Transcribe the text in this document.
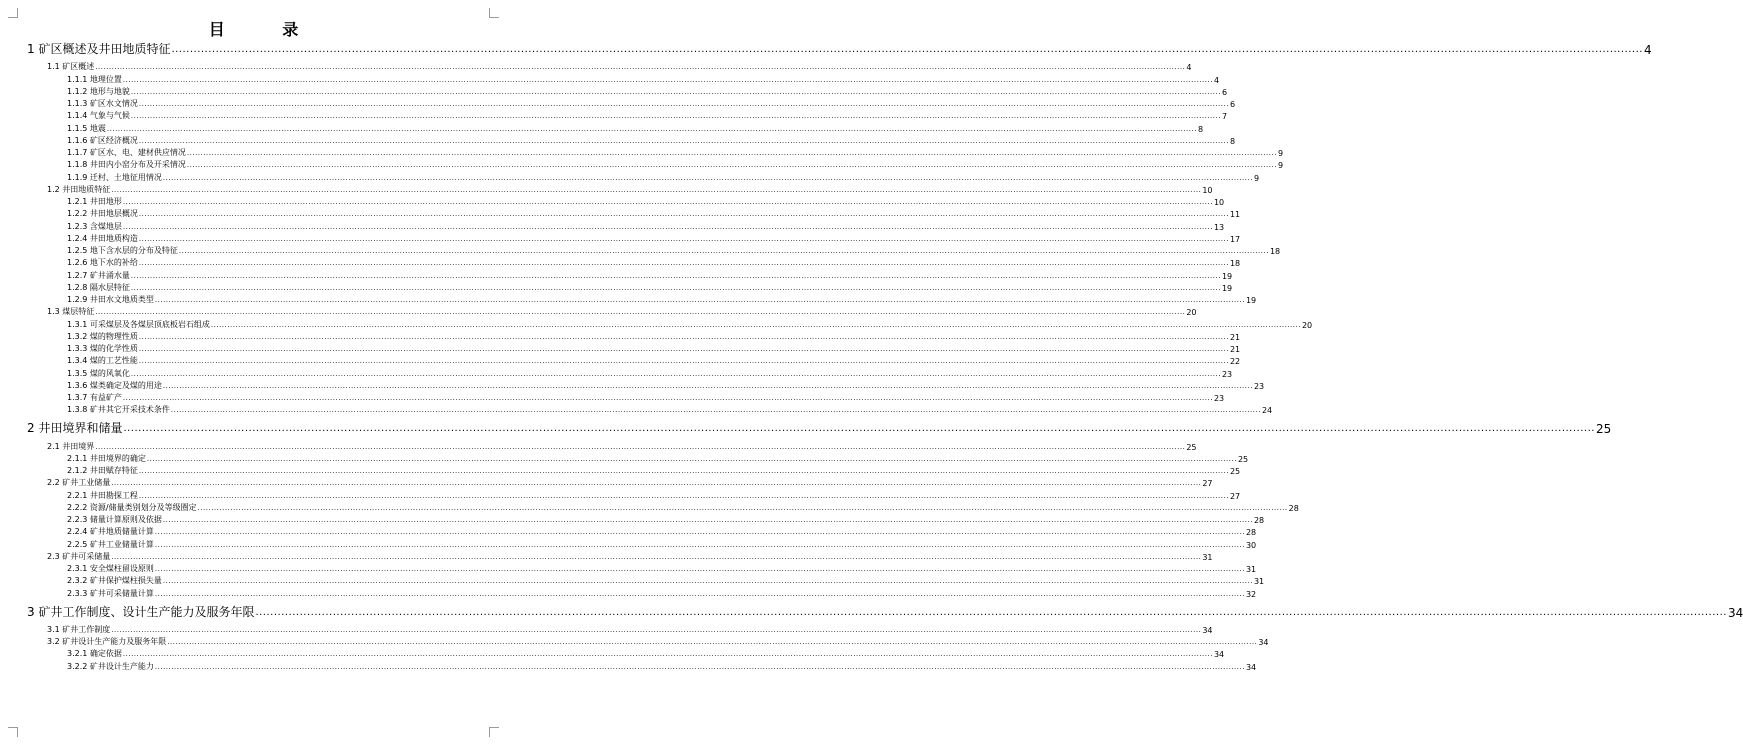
目 录
1 矿区概述及井田地质特征 ................................................................................................................................................................................................................................................................................................................................................................................................................ 4
1.1 矿区概述 ................................................................................................................................................................................................................................................................................................................................................................................................................ 4
1.1.1 地理位置 ................................................................................................................................................................................................................................................................................................................................................................................................................ 4
1.1.2 地形与地貌 ................................................................................................................................................................................................................................................................................................................................................................................................................ 6
1.1.3 矿区水文情况 ................................................................................................................................................................................................................................................................................................................................................................................................................ 6
1.1.4 气象与气候 ................................................................................................................................................................................................................................................................................................................................................................................................................ 7
1.1.5 地震 ................................................................................................................................................................................................................................................................................................................................................................................................................ 8
1.1.6 矿区经济概况 ................................................................................................................................................................................................................................................................................................................................................................................................................ 8
1.1.7 矿区水、电、建材供应情况 ................................................................................................................................................................................................................................................................................................................................................................................................................ 9
1.1.8 井田内小窑分布及开采情况 ................................................................................................................................................................................................................................................................................................................................................................................................................ 9
1.1.9 迁村、土地征用情况 ................................................................................................................................................................................................................................................................................................................................................................................................................ 9
1.2 井田地质特征 ................................................................................................................................................................................................................................................................................................................................................................................................................ 10
1.2.1 井田地形 ................................................................................................................................................................................................................................................................................................................................................................................................................ 10
1.2.2 井田地层概况 ................................................................................................................................................................................................................................................................................................................................................................................................................ 11
1.2.3 含煤地层 ................................................................................................................................................................................................................................................................................................................................................................................................................ 13
1.2.4 井田地质构造 ................................................................................................................................................................................................................................................................................................................................................................................................................ 17
1.2.5 地下含水层的分布及特征 ................................................................................................................................................................................................................................................................................................................................................................................................................ 18
1.2.6 地下水的补给 ................................................................................................................................................................................................................................................................................................................................................................................................................ 18
1.2.7 矿井涌水量 ................................................................................................................................................................................................................................................................................................................................................................................................................ 19
1.2.8 隔水层特征 ................................................................................................................................................................................................................................................................................................................................................................................................................ 19
1.2.9 井田水文地质类型 ................................................................................................................................................................................................................................................................................................................................................................................................................ 19
1.3 煤层特征 ................................................................................................................................................................................................................................................................................................................................................................................................................ 20
1.3.1 可采煤层及各煤层顶底板岩石组成 ................................................................................................................................................................................................................................................................................................................................................................................................................ 20
1.3.2 煤的物理性质 ................................................................................................................................................................................................................................................................................................................................................................................................................ 21
1.3.3 煤的化学性质 ................................................................................................................................................................................................................................................................................................................................................................................................................ 21
1.3.4 煤的工艺性能 ................................................................................................................................................................................................................................................................................................................................................................................................................ 22
1.3.5 煤的风氧化 ................................................................................................................................................................................................................................................................................................................................................................................................................ 23
1.3.6 煤类确定及煤的用途 ................................................................................................................................................................................................................................................................................................................................................................................................................ 23
1.3.7 有益矿产 ................................................................................................................................................................................................................................................................................................................................................................................................................ 23
1.3.8 矿井其它开采技术条件 ................................................................................................................................................................................................................................................................................................................................................................................................................ 24
2 井田境界和储量 ................................................................................................................................................................................................................................................................................................................................................................................................................ 25
2.1 井田境界 ................................................................................................................................................................................................................................................................................................................................................................................................................ 25
2.1.1 井田境界的确定 ................................................................................................................................................................................................................................................................................................................................................................................................................ 25
2.1.2 井田赋存特征 ................................................................................................................................................................................................................................................................................................................................................................................................................ 25
2.2 矿井工业储量 ................................................................................................................................................................................................................................................................................................................................................................................................................ 27
2.2.1 井田勘探工程 ................................................................................................................................................................................................................................................................................................................................................................................................................ 27
2.2.2 资源/储量类别划分及等级圈定 ................................................................................................................................................................................................................................................................................................................................................................................................................ 28
2.2.3 储量计算原则及依据 ................................................................................................................................................................................................................................................................................................................................................................................................................ 28
2.2.4 矿井地质储量计算 ................................................................................................................................................................................................................................................................................................................................................................................................................ 28
2.2.5 矿井工业储量计算 ................................................................................................................................................................................................................................................................................................................................................................................................................ 30
2.3 矿井可采储量 ................................................................................................................................................................................................................................................................................................................................................................................................................ 31
2.3.1 安全煤柱留设原则 ................................................................................................................................................................................................................................................................................................................................................................................................................ 31
2.3.2 矿井保护煤柱损失量 ................................................................................................................................................................................................................................................................................................................................................................................................................ 31
2.3.3 矿井可采储量计算 ................................................................................................................................................................................................................................................................................................................................................................................................................ 32
3 矿井工作制度、设计生产能力及服务年限 ................................................................................................................................................................................................................................................................................................................................................................................................................ 34
3.1 矿井工作制度 ................................................................................................................................................................................................................................................................................................................................................................................................................ 34
3.2 矿井设计生产能力及服务年限 ................................................................................................................................................................................................................................................................................................................................................................................................................ 34
3.2.1 确定依据 ................................................................................................................................................................................................................................................................................................................................................................................................................ 34
3.2.2 矿井设计生产能力 ................................................................................................................................................................................................................................................................................................................................................................................................................ 34
